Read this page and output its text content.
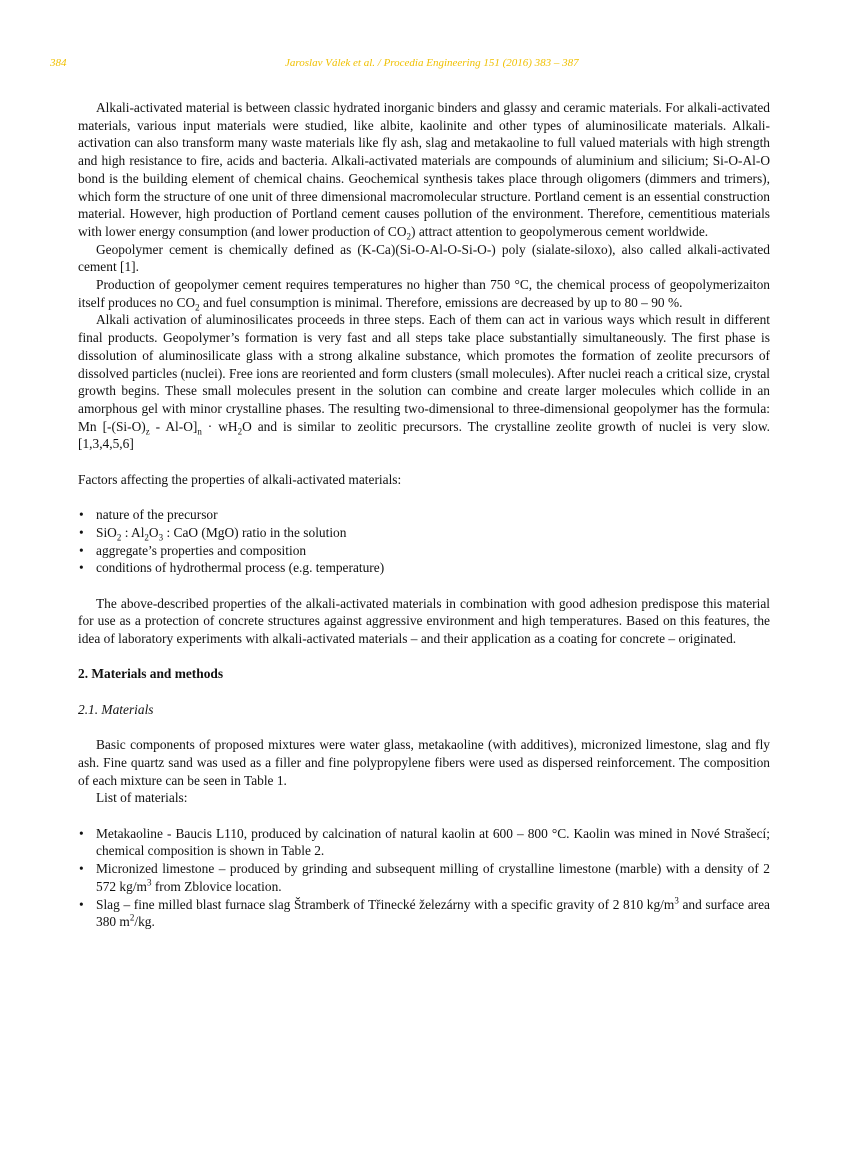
384	Jaroslav Válek et al. / Procedia Engineering 151 (2016) 383 – 387

Alkali-activated material is between classic hydrated inorganic binders and glassy and ceramic materials. For alkali-activated materials, various input materials were studied, like albite, kaolinite and other types of aluminosilicate materials. Alkali-activation can also transform many waste materials like fly ash, slag and metakaoline to full valued materials with high strength and high resistance to fire, acids and bacteria. Alkali-activated materials are compounds of aluminium and silicium; Si-O-Al-O bond is the building element of chemical chains. Geochemical synthesis takes place through oligomers (dimmers and trimers), which form the structure of one unit of three dimensional macromolecular structure. Portland cement is an essential construction material. However, high production of Portland cement causes pollution of the environment. Therefore, cementitious materials with lower energy consumption (and lower production of $CO_2$) attract attention to geopolymerous cement worldwide.

Geopolymer cement is chemically defined as (K-Ca)(Si-O-Al-O-Si-O-) poly (sialate-siloxo), also called alkali-activated cement [1].

Production of geopolymer cement requires temperatures no higher than 750 °C, the chemical process of geopolymerizaiton itself produces no $CO_2$ and fuel consumption is minimal. Therefore, emissions are decreased by up to 80 – 90 %.

Alkali activation of aluminosilicates proceeds in three steps. Each of them can act in various ways which result in different final products. Geopolymer’s formation is very fast and all steps take place substantially simultaneously. The first phase is dissolution of aluminosilicate glass with a strong alkaline substance, which promotes the formation of zeolite precursors of dissolved particles (nuclei). Free ions are reoriented and form clusters (small molecules). After nuclei reach a critical size, crystal growth begins. These small molecules present in the solution can combine and create larger molecules which collide in an amorphous gel with minor crystalline phases. The resulting two-dimensional to three-dimensional geopolymer has the formula: Mn $[-(Si-O)_z - Al-O]_n \cdot wH_2O$ and is similar to zeolitic precursors. The crystalline zeolite growth of nuclei is very slow. [1,3,4,5,6]

Factors affecting the properties of alkali-activated materials:

• nature of the precursor
• SiO$_2$ : $Al_2O_3$ : CaO (MgO) ratio in the solution
• aggregate’s properties and composition
• conditions of hydrothermal process (e.g. temperature)

The above-described properties of the alkali-activated materials in combination with good adhesion predispose this material for use as a protection of concrete structures against aggressive environment and high temperatures. Based on this features, the idea of laboratory experiments with alkali-activated materials – and their application as a coating for concrete – originated.

2. Materials and methods
2.1. Materials

Basic components of proposed mixtures were water glass, metakaoline (with additives), micronized limestone, slag and fly ash. Fine quartz sand was used as a filler and fine polypropylene fibers were used as dispersed reinforcement. The composition of each mixture can be seen in Table 1.

List of materials:

• Metakaoline - Baucis L110, produced by calcination of natural kaolin at 600 – 800 °C. Kaolin was mined in Nové Strašecí; chemical composition is shown in Table 2.
• Micronized limestone – produced by grinding and subsequent milling of crystalline limestone (marble) with a density of 2 572 $kg/m^3$ from Zblovice location.
• Slag – fine milled blast furnace slag Štramberk of Třinecké železárny with a specific gravity of 2 810 $kg/m^3$ and surface area 380 $m^2/kg$.
